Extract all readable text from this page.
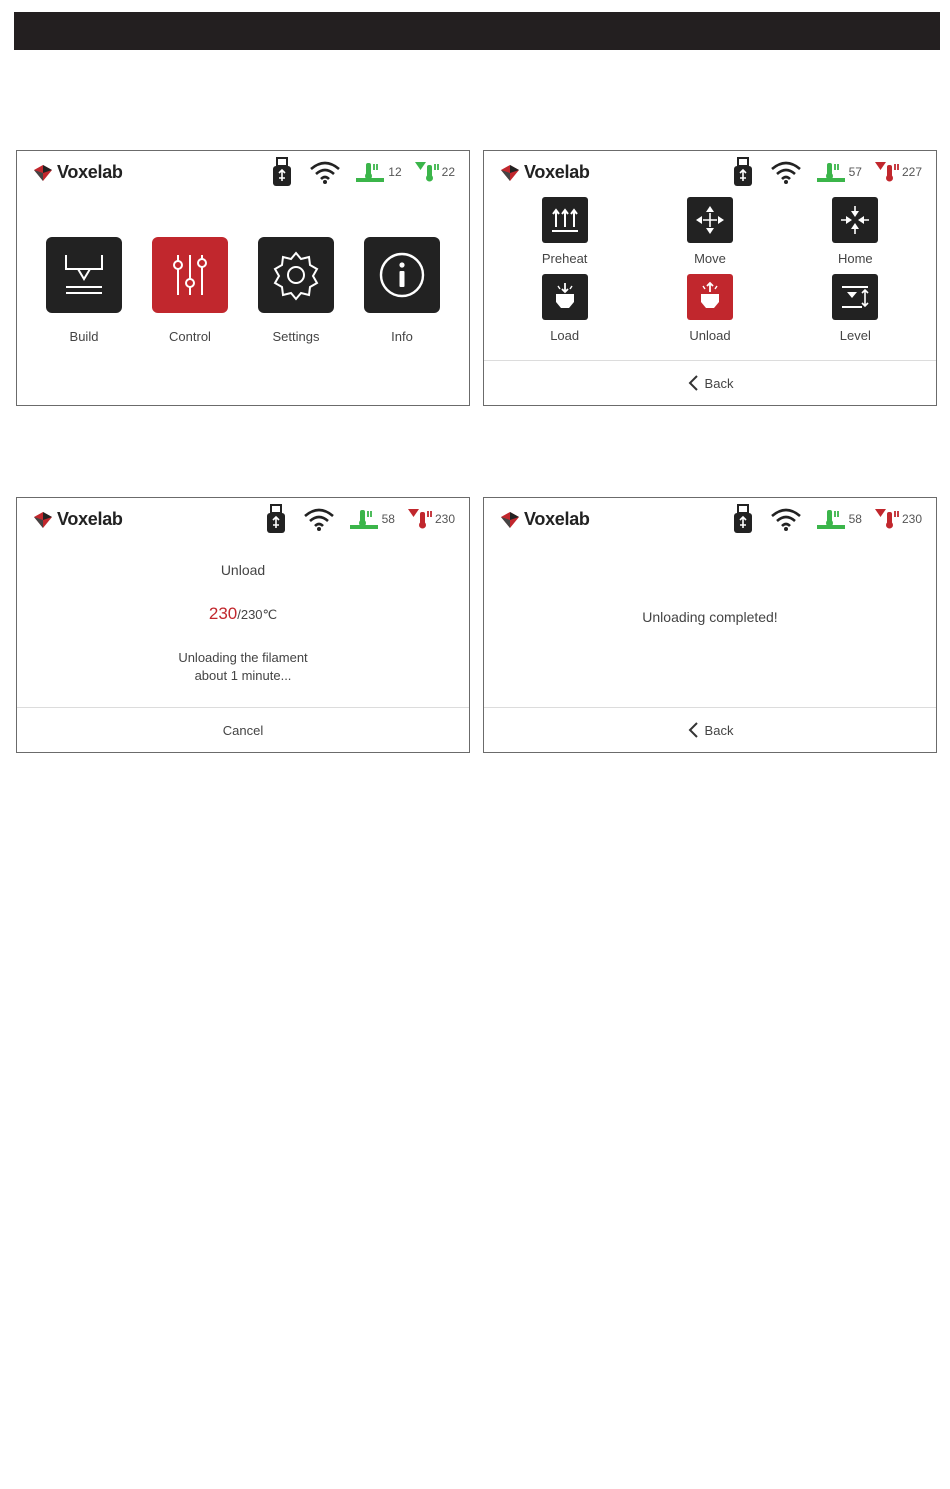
Voxelab	12	22
Build	Control	Settings	Info
Voxelab	57	227
Preheat	Move	Home
Load	Unload	Level
Back
Voxelab	58	230
Unload
230/230℃
Unloading the filament
about 1 minute...
Cancel
Voxelab	58	230
Unloading completed!
Back
